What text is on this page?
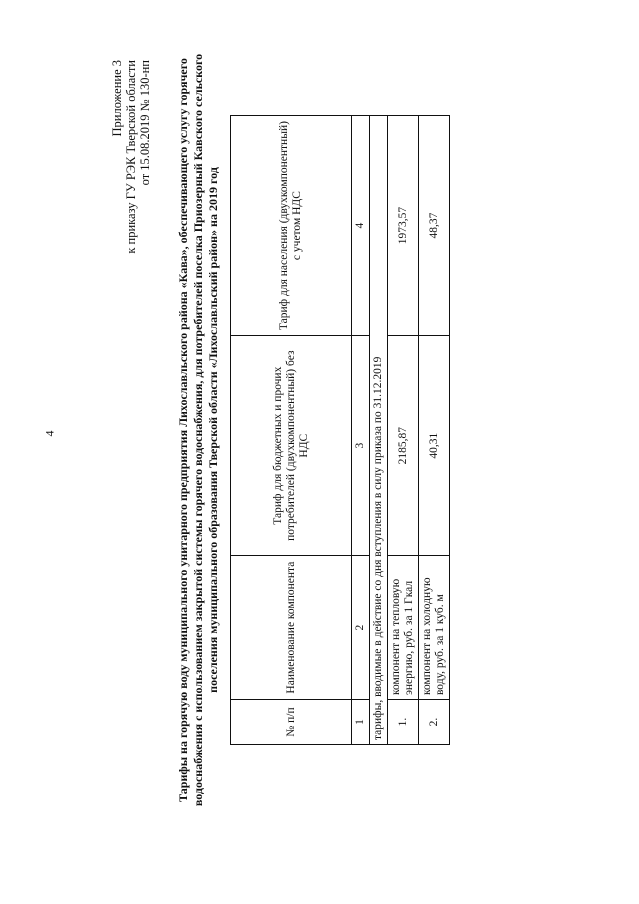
4
Приложение 3 к приказу ГУ РЭК Тверской области от 15.08.2019 № 130-нп Тарифы на горячую воду муниципального унитарного предприятия Лихославльского района «Кава», обеспечивающего услугу горячего водоснабжения с использованием закрытой системы горячего водоснабжения, для потребителей поселка Приозерный Кавского сельского поселения муниципального образования Тверской области «Лихославльский район» на 2019 год
№ п/п	Наименование компонента	Тариф для бюджетных и прочих потребителей (двухкомпонентный) без НДС	Тариф для населения (двухкомпонентный) с учетом НДС
1	2	3	4
тарифы, вводимые в действие со дня вступления в силу приказа по 31.12.2019			
1.	компонент на тепловую энергию, руб. за 1 Гкал	2185,87	1973,57
2.	компонент на холодную воду, руб. за 1 куб. м	40,31	48,37
